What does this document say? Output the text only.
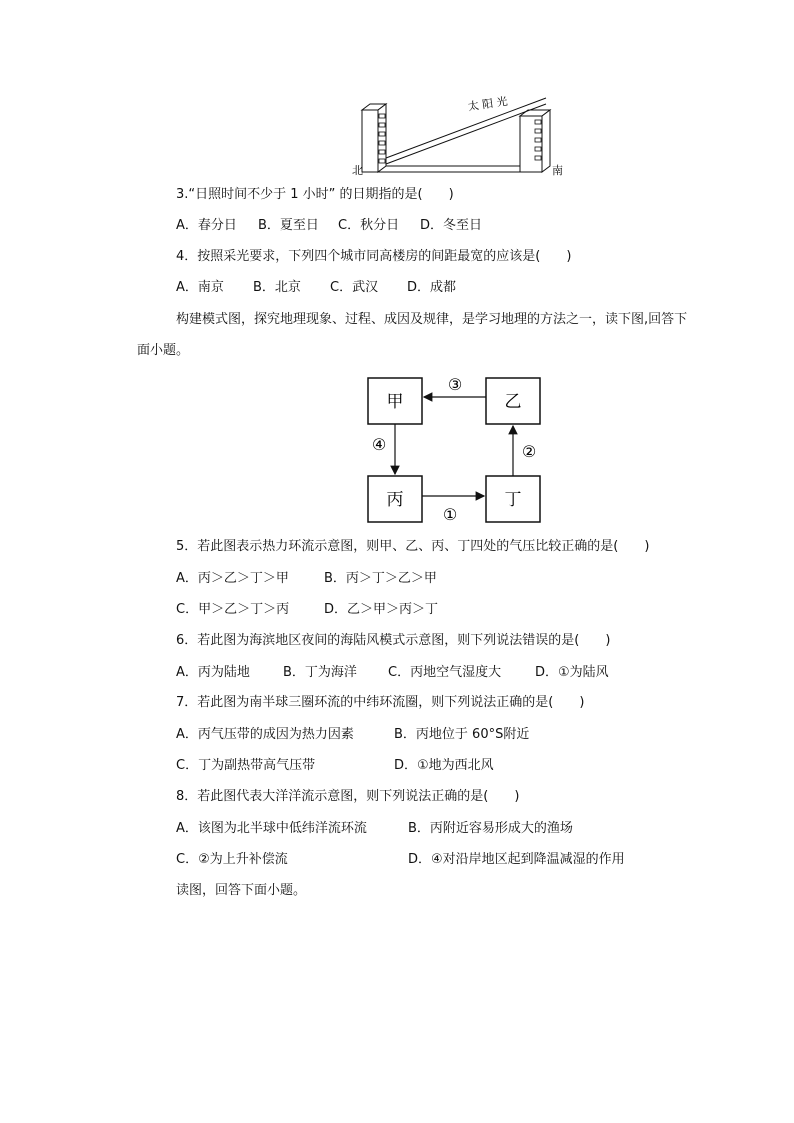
太 阳 光
北	南
3.“日照时间不少于 1 小时” 的日期指的是(　　)
A．春分日 B．夏至日 C．秋分日 D．冬至日
4．按照采光要求，下列四个城市同高楼房的间距最宽的应该是(　　)
A．南京 B．北京 C．武汉 D．成都
构建模式图，探究地理现象、过程、成因及规律，是学习地理的方法之一，读下图,回答下
面小题。
甲	乙
丙	丁
③
②
④
①
5．若此图表示热力环流示意图，则甲、乙、丙、丁四处的气压比较正确的是(　　)
A．丙＞乙＞丁＞甲	B．丙＞丁＞乙＞甲
C．甲＞乙＞丁＞丙	D．乙＞甲＞丙＞丁
6．若此图为海滨地区夜间的海陆风模式示意图，则下列说法错误的是(　　)
A．丙为陆地	B．丁为海洋 C．丙地空气湿度大	D．①为陆风
7．若此图为南半球三圈环流的中纬环流圈，则下列说法正确的是(　　)
A．丙气压带的成因为热力因素	B．丙地位于 60°S附近
C．丁为副热带高气压带	D．①地为西北风
8．若此图代表大洋洋流示意图，则下列说法正确的是(　　)
A．该图为北半球中低纬洋流环流	B．丙附近容易形成大的渔场
C．②为上升补偿流	D．④对沿岸地区起到降温减湿的作用
读图，回答下面小题。
